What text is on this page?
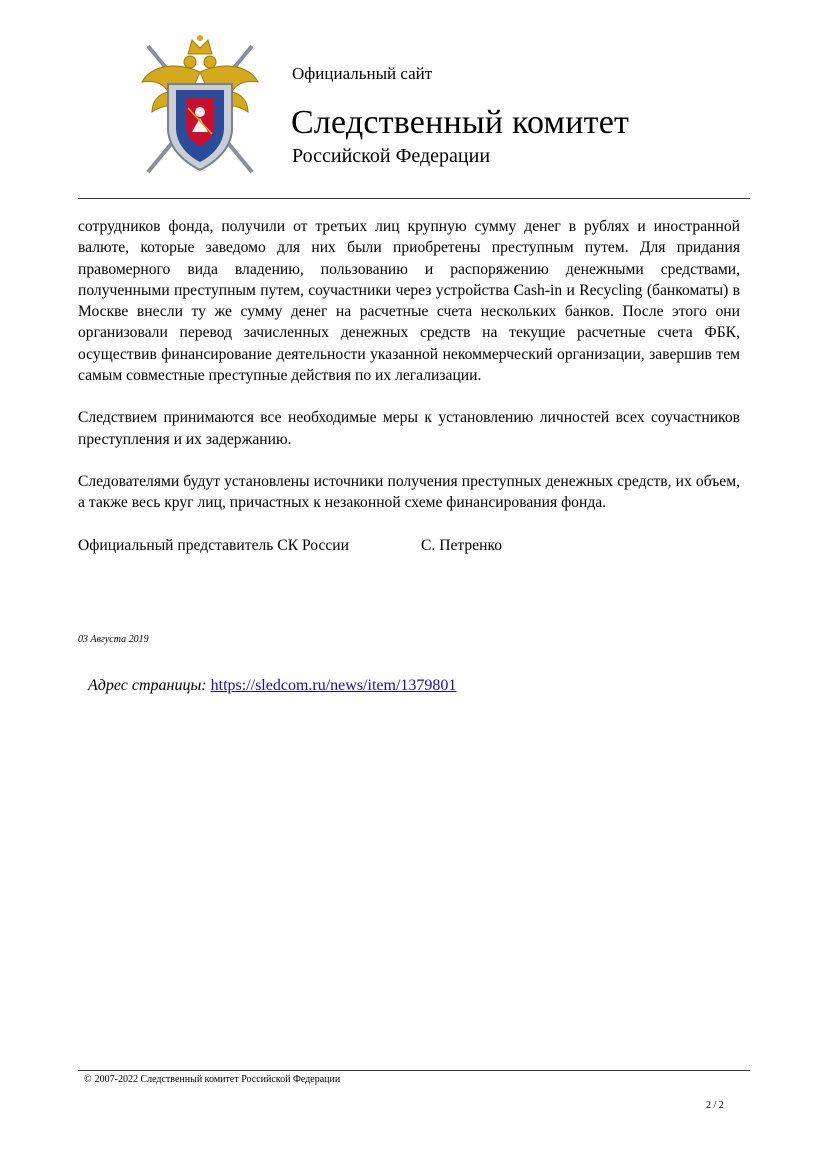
Официальный сайт
Следственный комитет
Российской Федерации

сотрудников фонда, получили от третьих лиц крупную сумму денег в рублях и иностранной валюте, которые заведомо для них были приобретены преступным путем. Для придания правомерного вида владению, пользованию и распоряжению денежными средствами, полученными преступным путем, соучастники через устройства Cash-in и Recycling (банкоматы) в Москве внесли ту же сумму денег на расчетные счета нескольких банков. После этого они организовали перевод зачисленных денежных средств на текущие расчетные счета ФБК, осуществив финансирование деятельности указанной некоммерческий организации, завершив тем самым совместные преступные действия по их легализации.

Следствием принимаются все необходимые меры к установлению личностей всех соучастников преступления и их задержанию.

Следователями будут установлены источники получения преступных денежных средств, их объем, а также весь круг лиц, причастных к незаконной схеме финансирования фонда.

Официальный представитель СК России	С. Петренко
03 Августа 2019
Адрес страницы: https://sledcom.ru/news/item/1379801
© 2007-2022 Следственный комитет Российской Федерации
2 / 2
